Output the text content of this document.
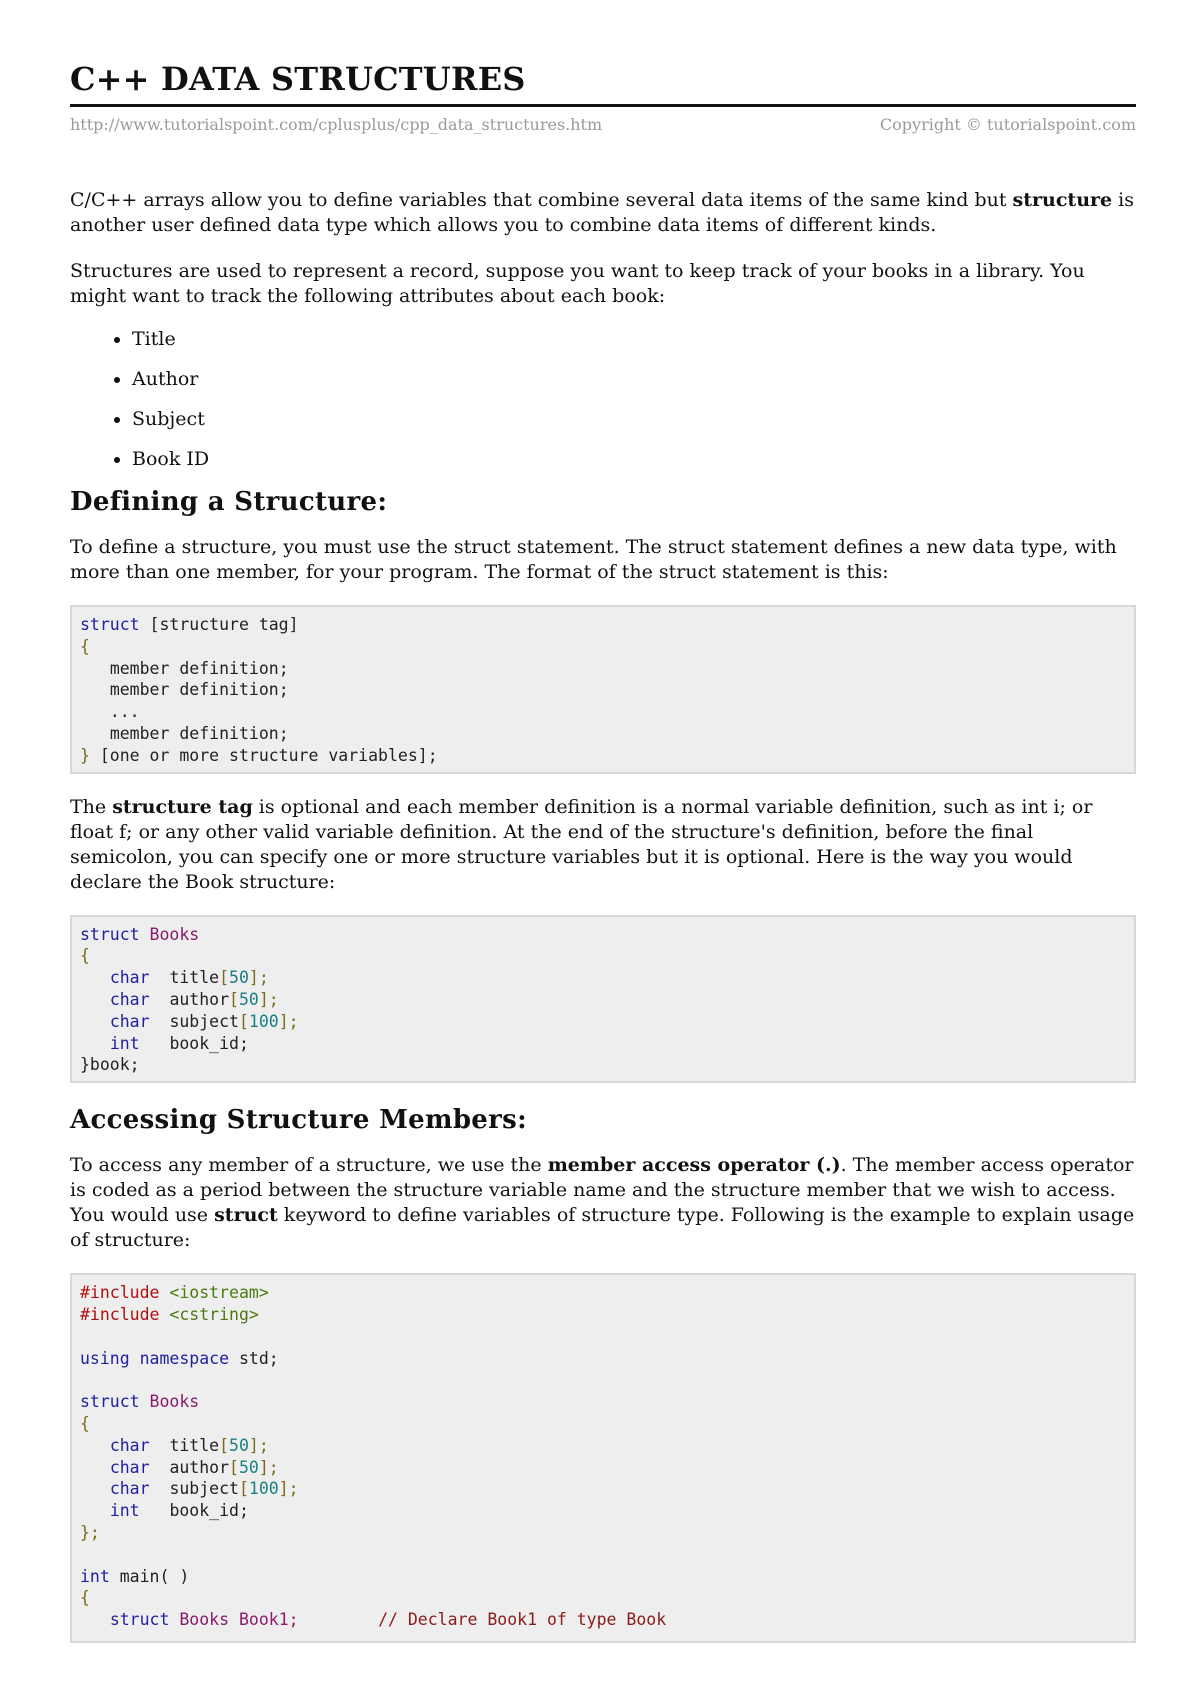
C++ DATA STRUCTURES
http://www.tutorialspoint.com/cplusplus/cpp_data_structures.htm	Copyright © tutorialspoint.com

C/C++ arrays allow you to define variables that combine several data items of the same kind but structure is another user defined data type which allows you to combine data items of different kinds.

Structures are used to represent a record, suppose you want to keep track of your books in a library. You might want to track the following attributes about each book:

• Title
• Author
• Subject
• Book ID
Defining a Structure:

To define a structure, you must use the struct statement. The struct statement defines a new data type, with more than one member, for your program. The format of the struct statement is this:

struct [structure tag]
{
member definition;
member definition;
...
member definition;
} [one or more structure variables];

The structure tag is optional and each member definition is a normal variable definition, such as int i; or float f; or any other valid variable definition. At the end of the structure's definition, before the final semicolon, you can specify one or more structure variables but it is optional. Here is the way you would declare the Book structure:

struct Books
{
char title[50];
char author[50];
char subject[100];
int book_id;
}book;
Accessing Structure Members:

To access any member of a structure, we use the member access operator (.). The member access operator is coded as a period between the structure variable name and the structure member that we wish to access. You would use struct keyword to define variables of structure type. Following is the example to explain usage of structure:

#include <iostream>
#include <cstring>

using namespace std;

struct Books
{
char title[50];
char author[50];
char subject[100];
int book_id;
};

int main( )
{
struct Books Book1;	// Declare Book1 of type Book
